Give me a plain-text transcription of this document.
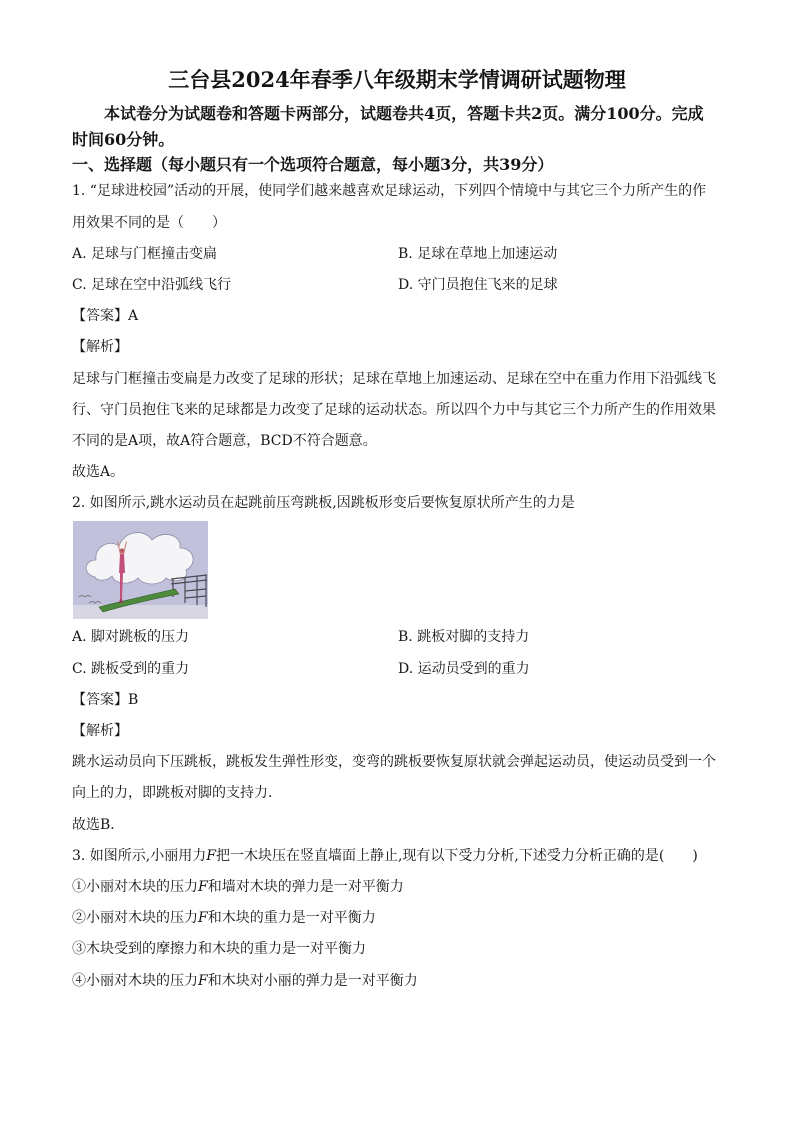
三台县2024年春季八年级期末学情调研试题物理
本试卷分为试题卷和答题卡两部分，试题卷共4页，答题卡共2页。满分100分。完成
时间60分钟。
一、选择题（每小题只有一个选项符合题意，每小题3分，共39分）
1. “足球进校园”活动的开展，使同学们越来越喜欢足球运动，下列四个情境中与其它三个力所产生的作
用效果不同的是（　　）
A. 足球与门框撞击变扁	B. 足球在草地上加速运动
C. 足球在空中沿弧线飞行	D. 守门员抱住飞来的足球
【答案】A
【解析】
足球与门框撞击变扁是力改变了足球的形状；足球在草地上加速运动、足球在空中在重力作用下沿弧线飞
行、守门员抱住飞来的足球都是力改变了足球的运动状态。所以四个力中与其它三个力所产生的作用效果
不同的是A项，故A符合题意，BCD不符合题意。
故选A。
2. 如图所示,跳水运动员在起跳前压弯跳板,因跳板形变后要恢复原状所产生的力是
A. 脚对跳板的压力	B. 跳板对脚的支持力
C. 跳板受到的重力	D. 运动员受到的重力
【答案】B
【解析】
跳水运动员向下压跳板，跳板发生弹性形变，变弯的跳板要恢复原状就会弹起运动员，使运动员受到一个
向上的力，即跳板对脚的支持力．
故选B．
3. 如图所示,小丽用力F把一木块压在竖直墙面上静止,现有以下受力分析,下述受力分析正确的是(　　)
①小丽对木块的压力F和墙对木块的弹力是一对平衡力
②小丽对木块的压力F和木块的重力是一对平衡力
③木块受到的摩擦力和木块的重力是一对平衡力
④小丽对木块的压力F和木块对小丽的弹力是一对平衡力
